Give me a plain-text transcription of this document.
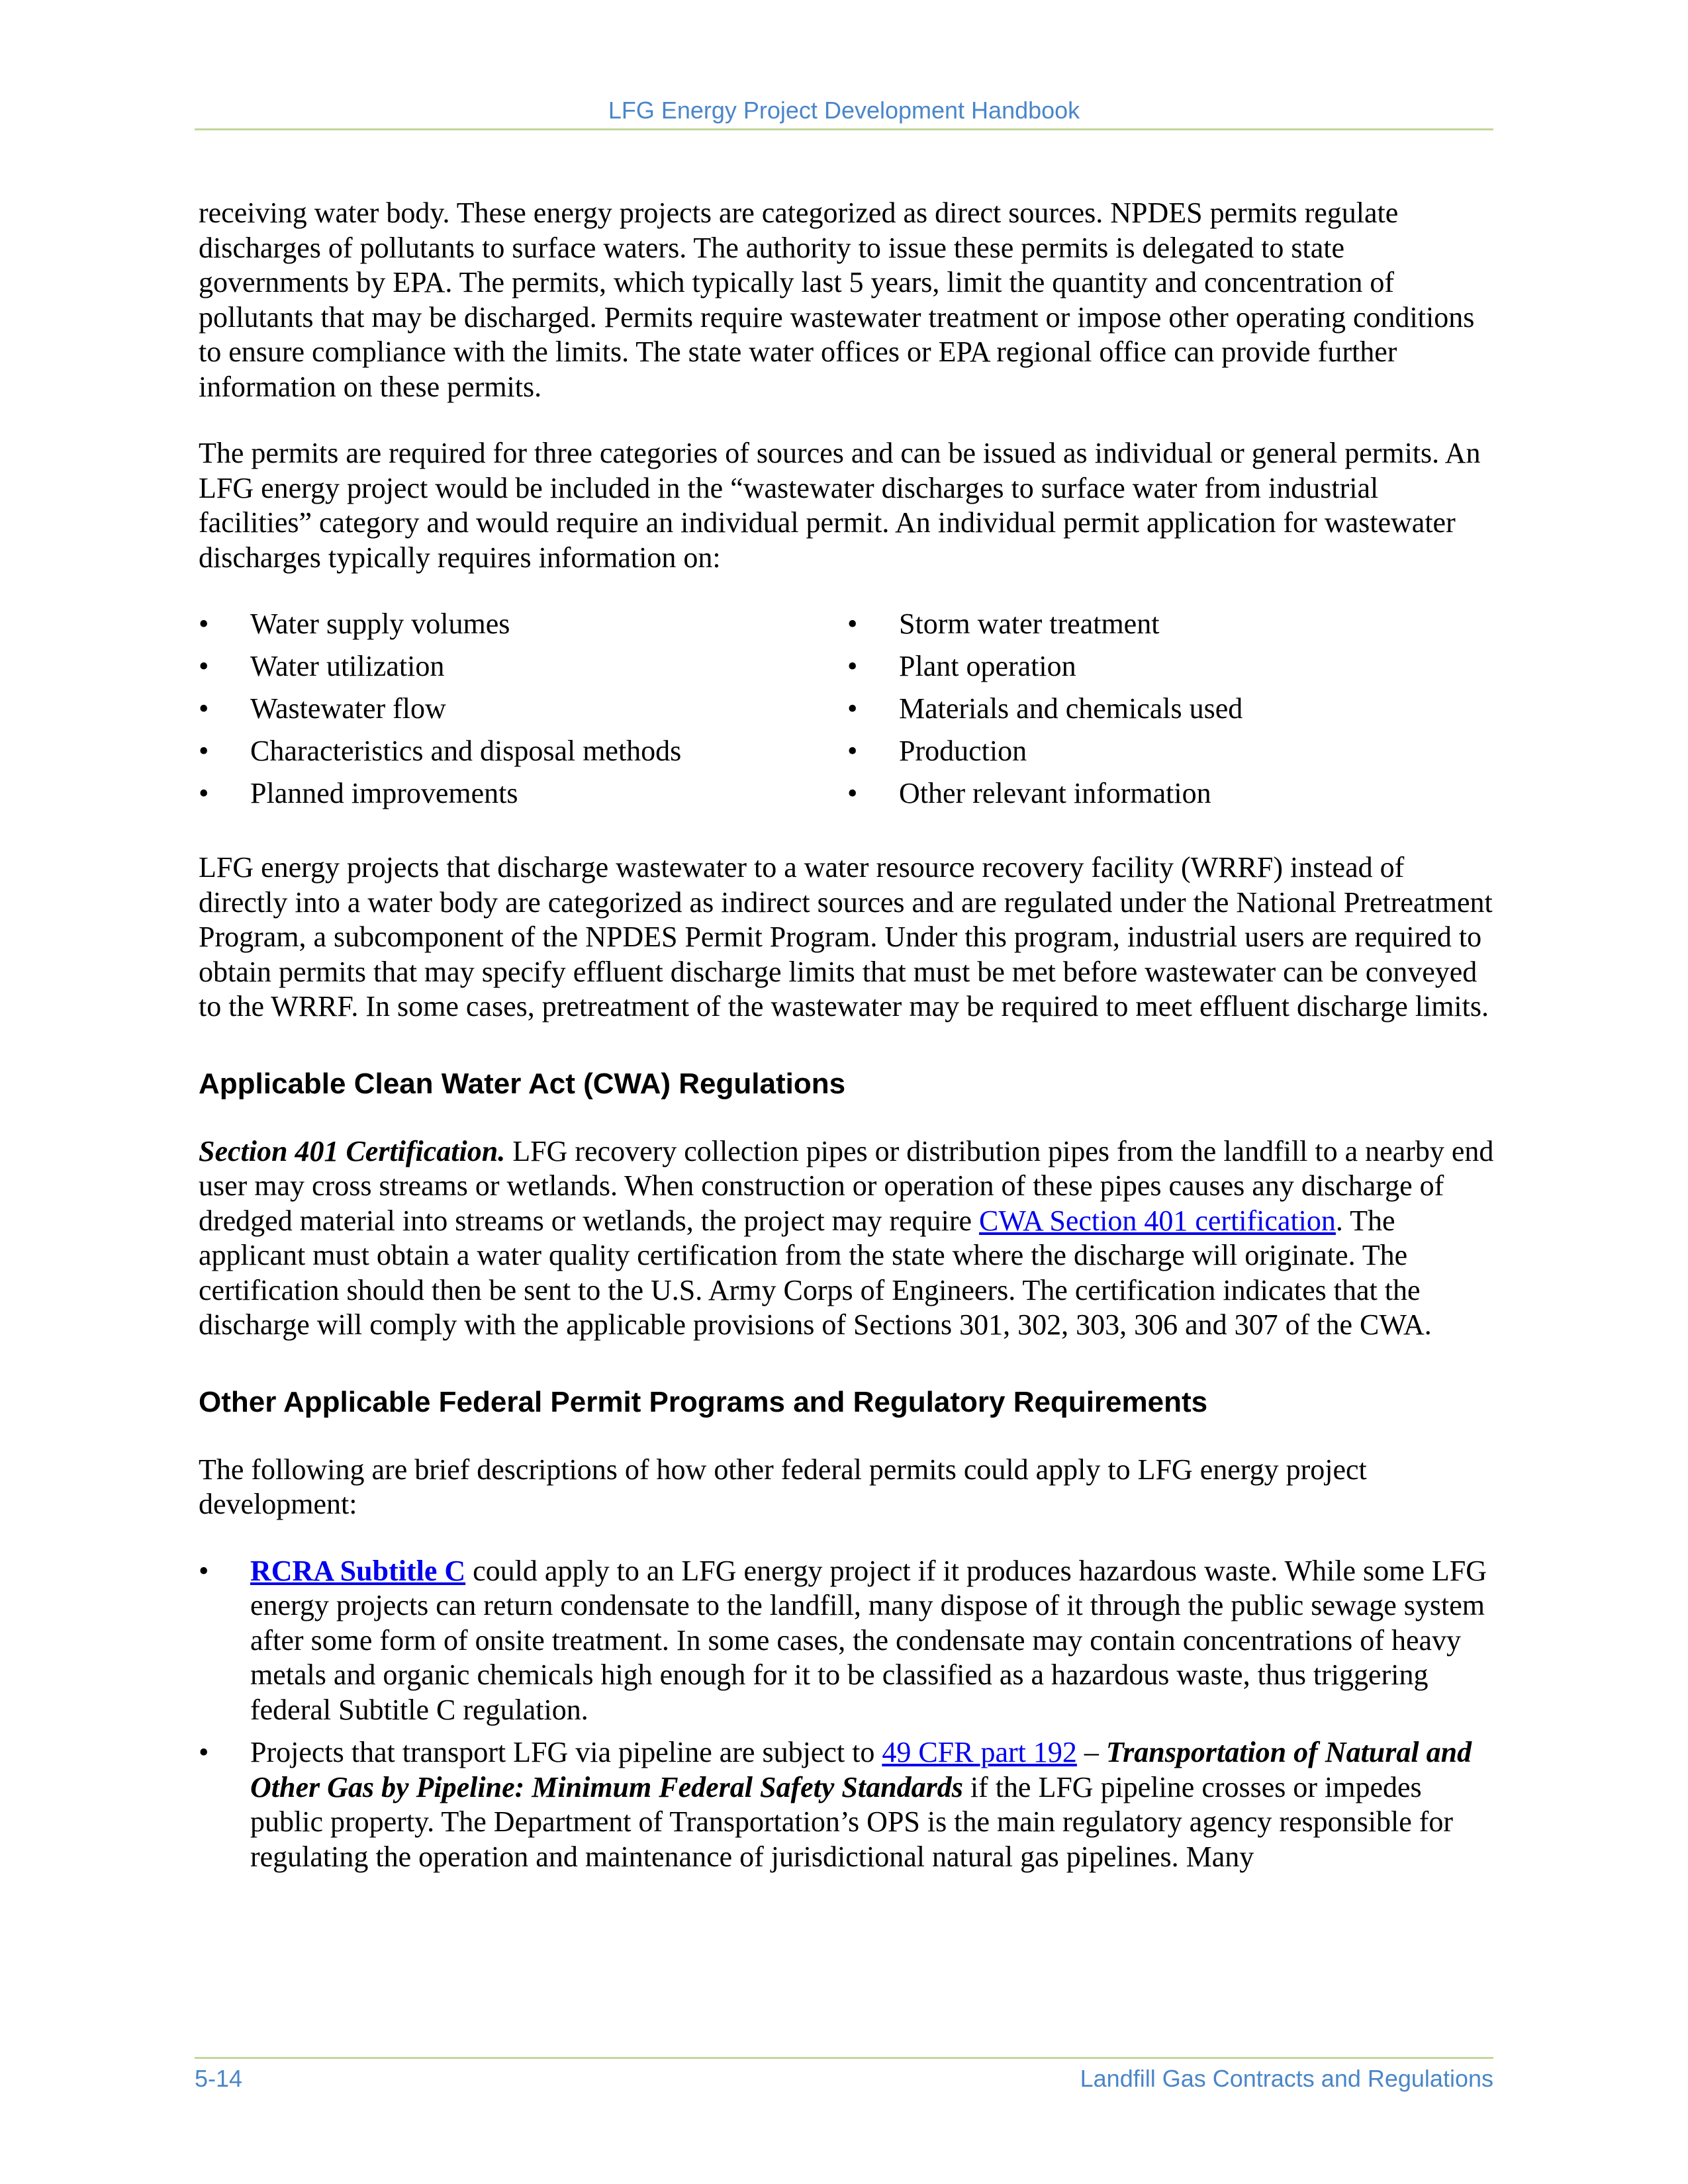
LFG Energy Project Development Handbook

receiving water body. These energy projects are categorized as direct sources. NPDES permits regulate discharges of pollutants to surface waters. The authority to issue these permits is delegated to state governments by EPA. The permits, which typically last 5 years, limit the quantity and concentration of pollutants that may be discharged. Permits require wastewater treatment or impose other operating conditions to ensure compliance with the limits. The state water offices or EPA regional office can provide further information on these permits.

The permits are required for three categories of sources and can be issued as individual or general permits. An LFG energy project would be included in the “wastewater discharges to surface water from industrial facilities” category and would require an individual permit. An individual permit application for wastewater discharges typically requires information on:

• Water supply volumes
• Water utilization
• Wastewater flow
• Characteristics and disposal methods
• Planned improvements
• Storm water treatment
• Plant operation
• Materials and chemicals used
• Production
• Other relevant information

LFG energy projects that discharge wastewater to a water resource recovery facility (WRRF) instead of directly into a water body are categorized as indirect sources and are regulated under the National Pretreatment Program, a subcomponent of the NPDES Permit Program. Under this program, industrial users are required to obtain permits that may specify effluent discharge limits that must be met before wastewater can be conveyed to the WRRF. In some cases, pretreatment of the wastewater may be required to meet effluent discharge limits.

Applicable Clean Water Act (CWA) Regulations

Section 401 Certification. LFG recovery collection pipes or distribution pipes from the landfill to a nearby end user may cross streams or wetlands. When construction or operation of these pipes causes any discharge of dredged material into streams or wetlands, the project may require CWA Section 401 certification. The applicant must obtain a water quality certification from the state where the discharge will originate. The certification should then be sent to the U.S. Army Corps of Engineers. The certification indicates that the discharge will comply with the applicable provisions of Sections 301, 302, 303, 306 and 307 of the CWA.

Other Applicable Federal Permit Programs and Regulatory Requirements

The following are brief descriptions of how other federal permits could apply to LFG energy project development:

• RCRA Subtitle C could apply to an LFG energy project if it produces hazardous waste. While some LFG energy projects can return condensate to the landfill, many dispose of it through the public sewage system after some form of onsite treatment. In some cases, the condensate may contain concentrations of heavy metals and organic chemicals high enough for it to be classified as a hazardous waste, thus triggering federal Subtitle C regulation.
• Projects that transport LFG via pipeline are subject to 49 CFR part 192 – Transportation of Natural and Other Gas by Pipeline: Minimum Federal Safety Standards if the LFG pipeline crosses or impedes public property. The Department of Transportation’s OPS is the main regulatory agency responsible for regulating the operation and maintenance of jurisdictional natural gas pipelines. Many
5-14	Landfill Gas Contracts and Regulations
